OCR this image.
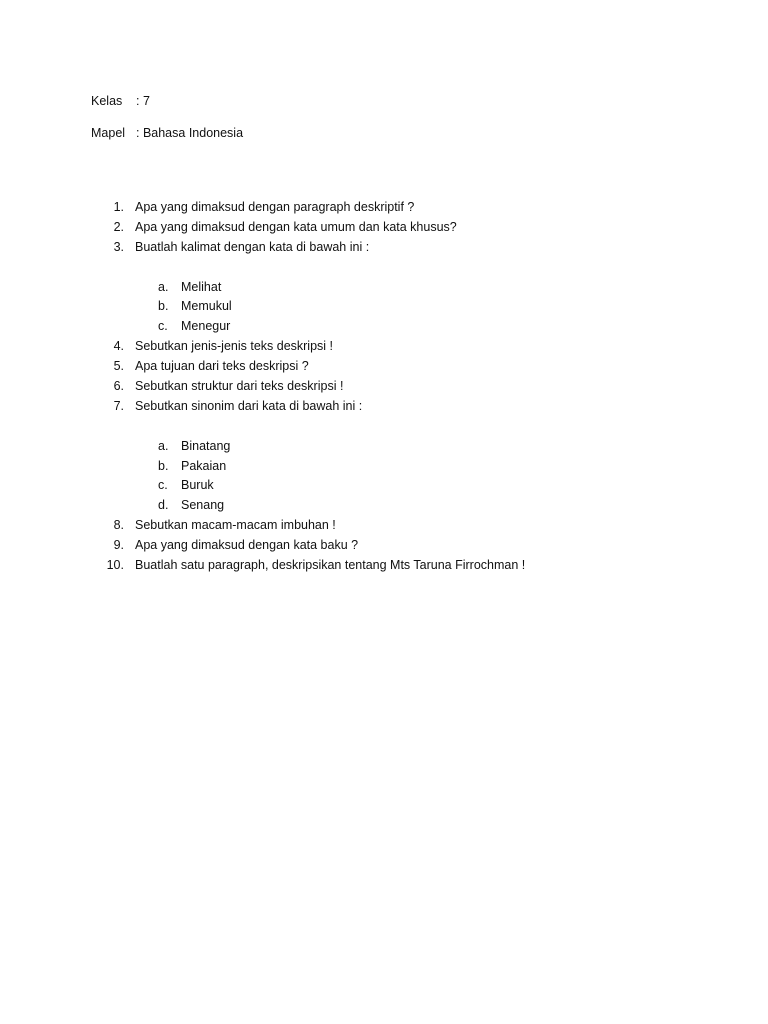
Kelas : 7
Mapel : Bahasa Indonesia
1. Apa yang dimaksud dengan paragraph deskriptif ?
2. Apa yang dimaksud dengan kata umum dan kata khusus?
3. Buatlah kalimat dengan kata di bawah ini :
a. Melihat
b. Memukul
c. Menegur
4. Sebutkan jenis-jenis teks deskripsi !
5. Apa tujuan dari teks deskripsi ?
6. Sebutkan struktur dari teks deskripsi !
7. Sebutkan sinonim dari kata di bawah ini :
a. Binatang
b. Pakaian
c. Buruk
d. Senang
8. Sebutkan macam-macam imbuhan !
9. Apa yang dimaksud dengan kata baku ?
10. Buatlah satu paragraph, deskripsikan tentang Mts Taruna Firrochman !
